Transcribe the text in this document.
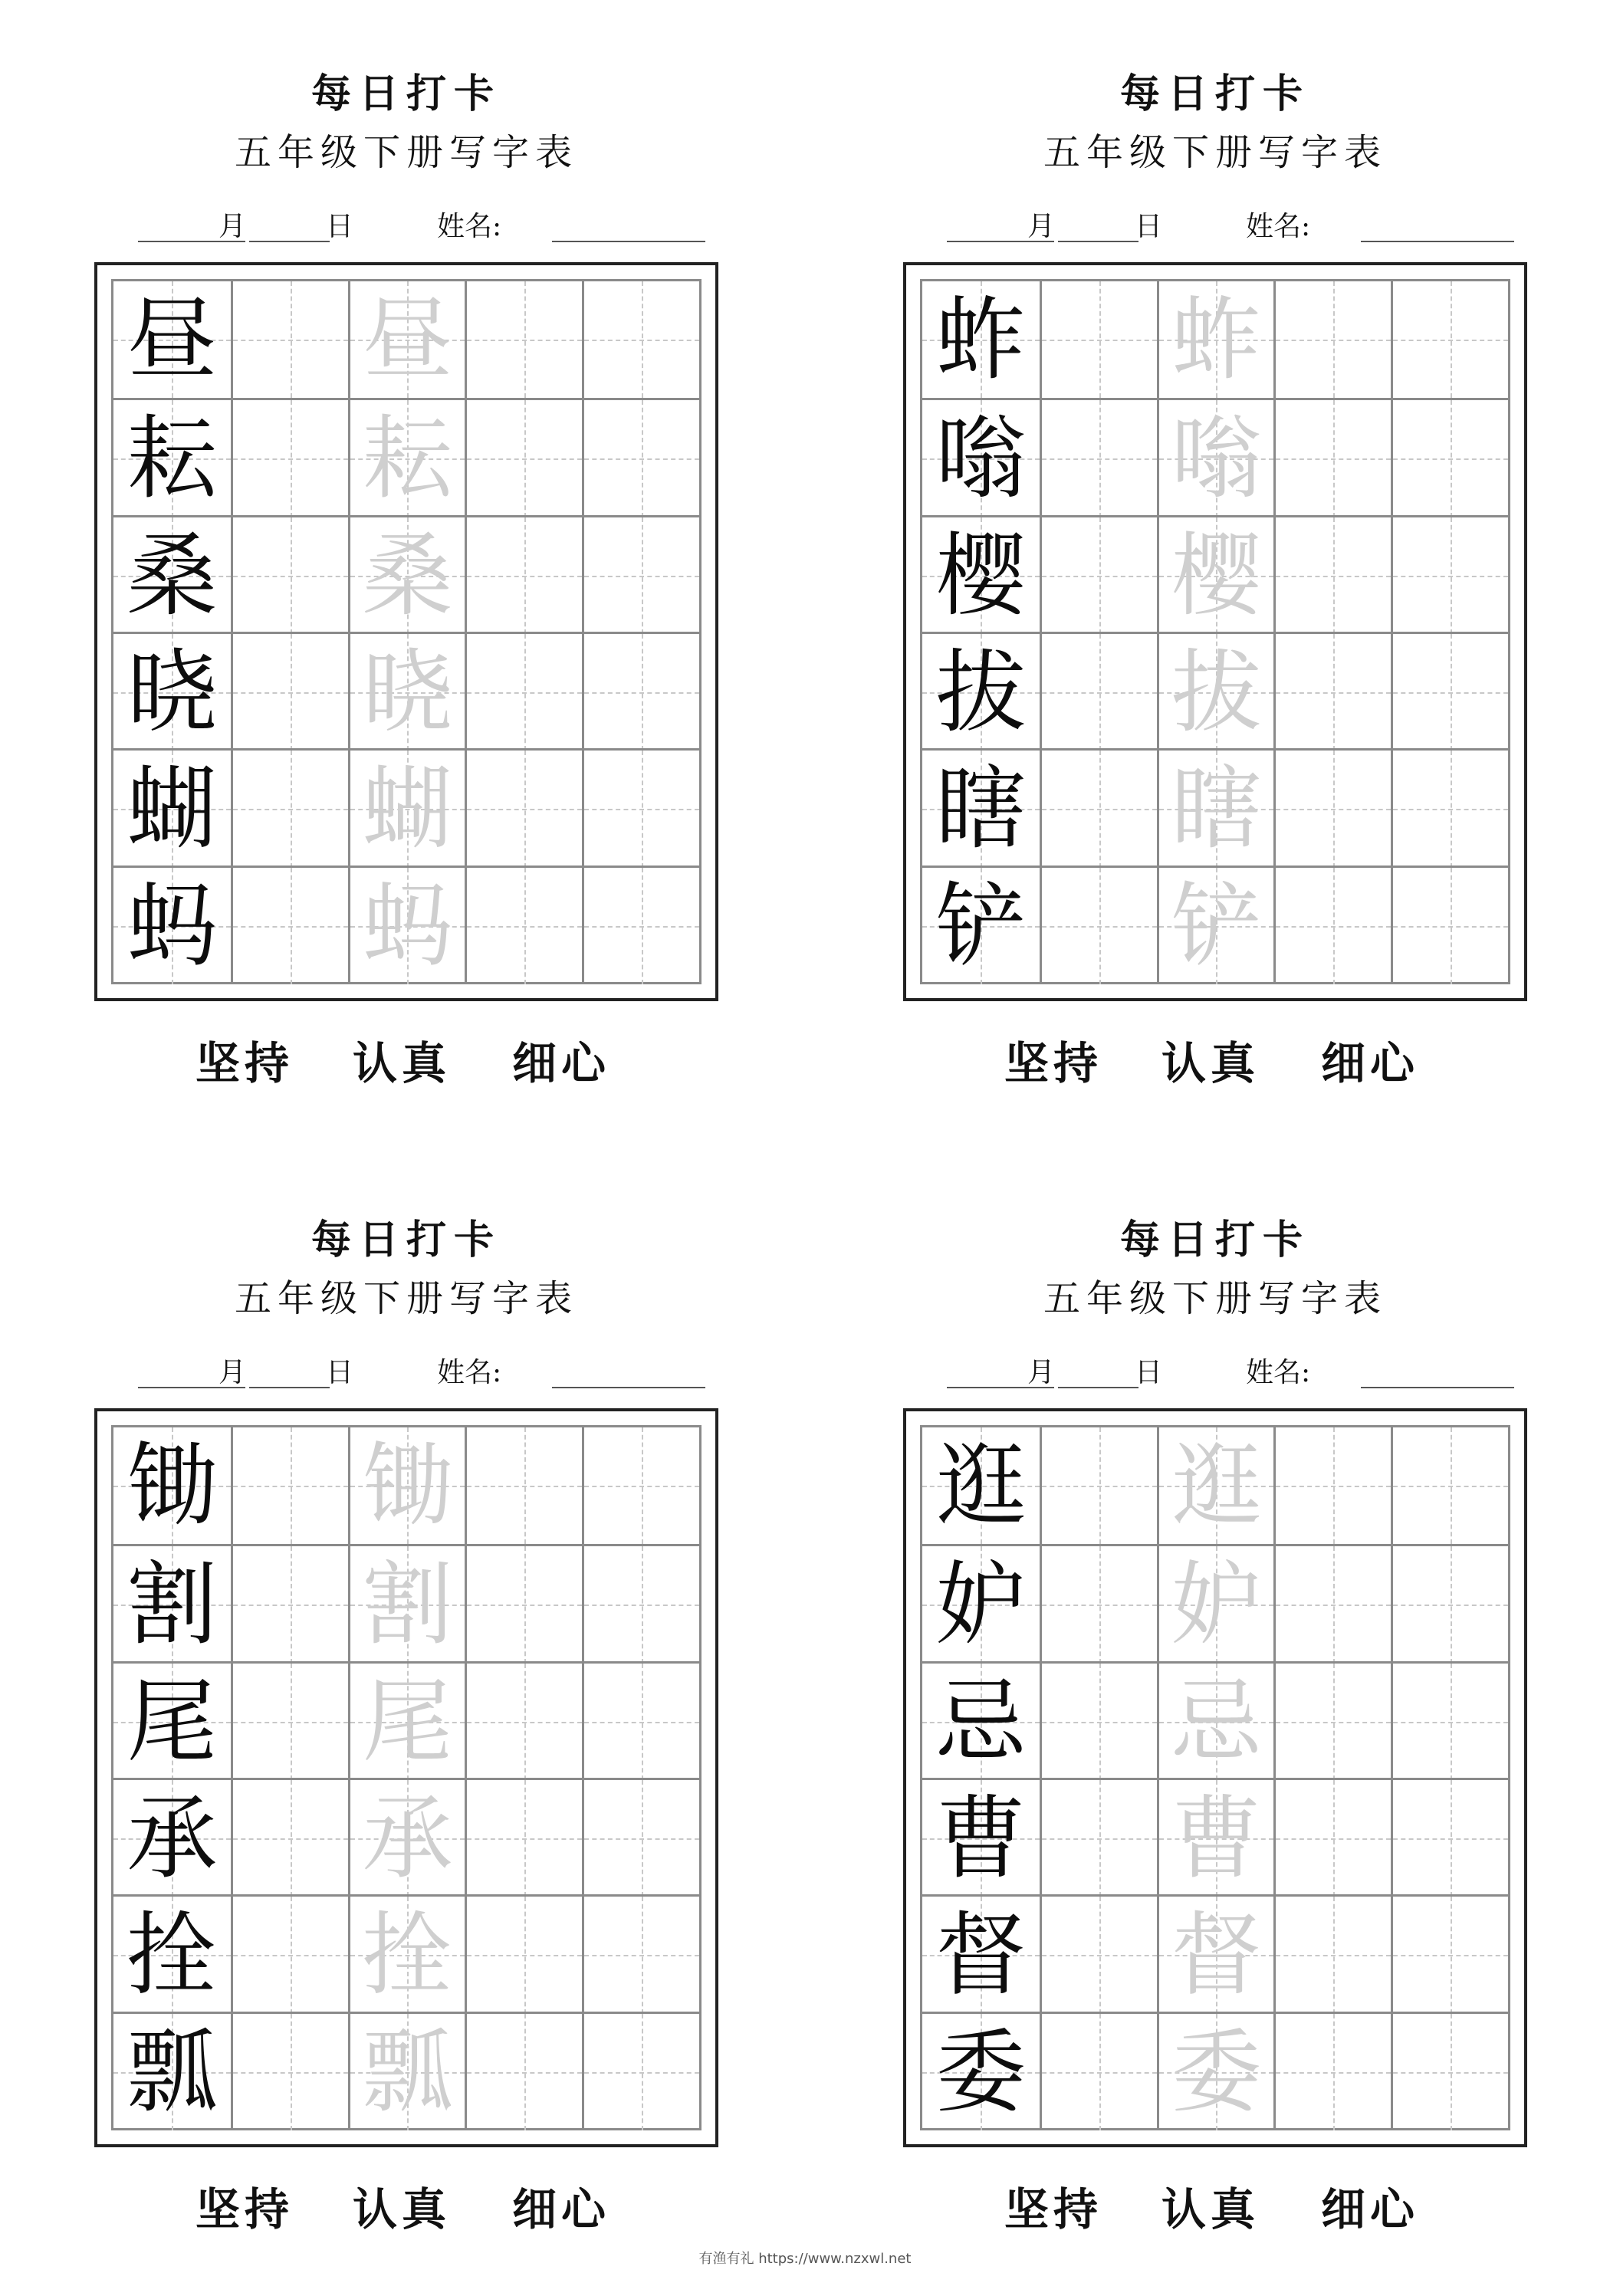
每日打卡
五年级下册写字表
月	日	姓名:
昼 昼
耘 耘
桑 桑
晓 晓
蝴 蝴
蚂 蚂
坚持 认真 细心
每日打卡
五年级下册写字表
月	日	姓名:
蚱 蚱
嗡 嗡
樱 樱
拔 拔
瞎 瞎
铲 铲
坚持 认真 细心
每日打卡
五年级下册写字表
月	日	姓名:
锄 锄
割 割
尾 尾
承 承
拴 拴
瓢 瓢
坚持 认真 细心
每日打卡
五年级下册写字表
月	日	姓名:
逛 逛
妒 妒
忌 忌
曹 曹
督 督
委 委
坚持 认真 细心
有渔有礼 https://www.nzxwl.net
